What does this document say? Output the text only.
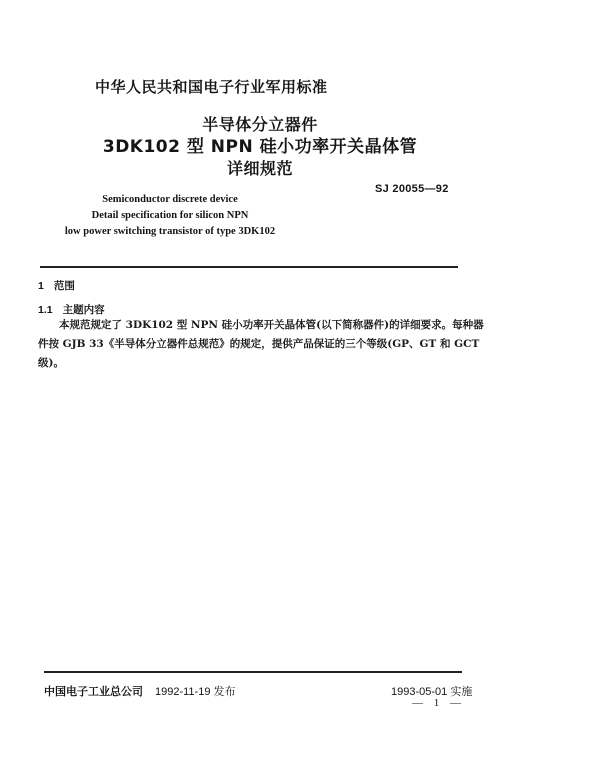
中华人民共和国电子行业军用标准
半导体分立器件
3DK102 型 NPN 硅小功率开关晶体管
详细规范
SJ 20055—92
Semiconductor discrete device
Detail specification for silicon NPN
low power switching transistor of type 3DK102
1 范围
1.1 主题内容
本规范规定了 3DK102 型 NPN 硅小功率开关晶体管(以下简称器件)的详细要求。每种器
件按 GJB 33《半导体分立器件总规范》的规定，提供产品保证的三个等级(GP、GT 和 GCT
级)。
中国电子工业总公司 1992-11-19 发布	1993-05-01 实施
— 1 —
